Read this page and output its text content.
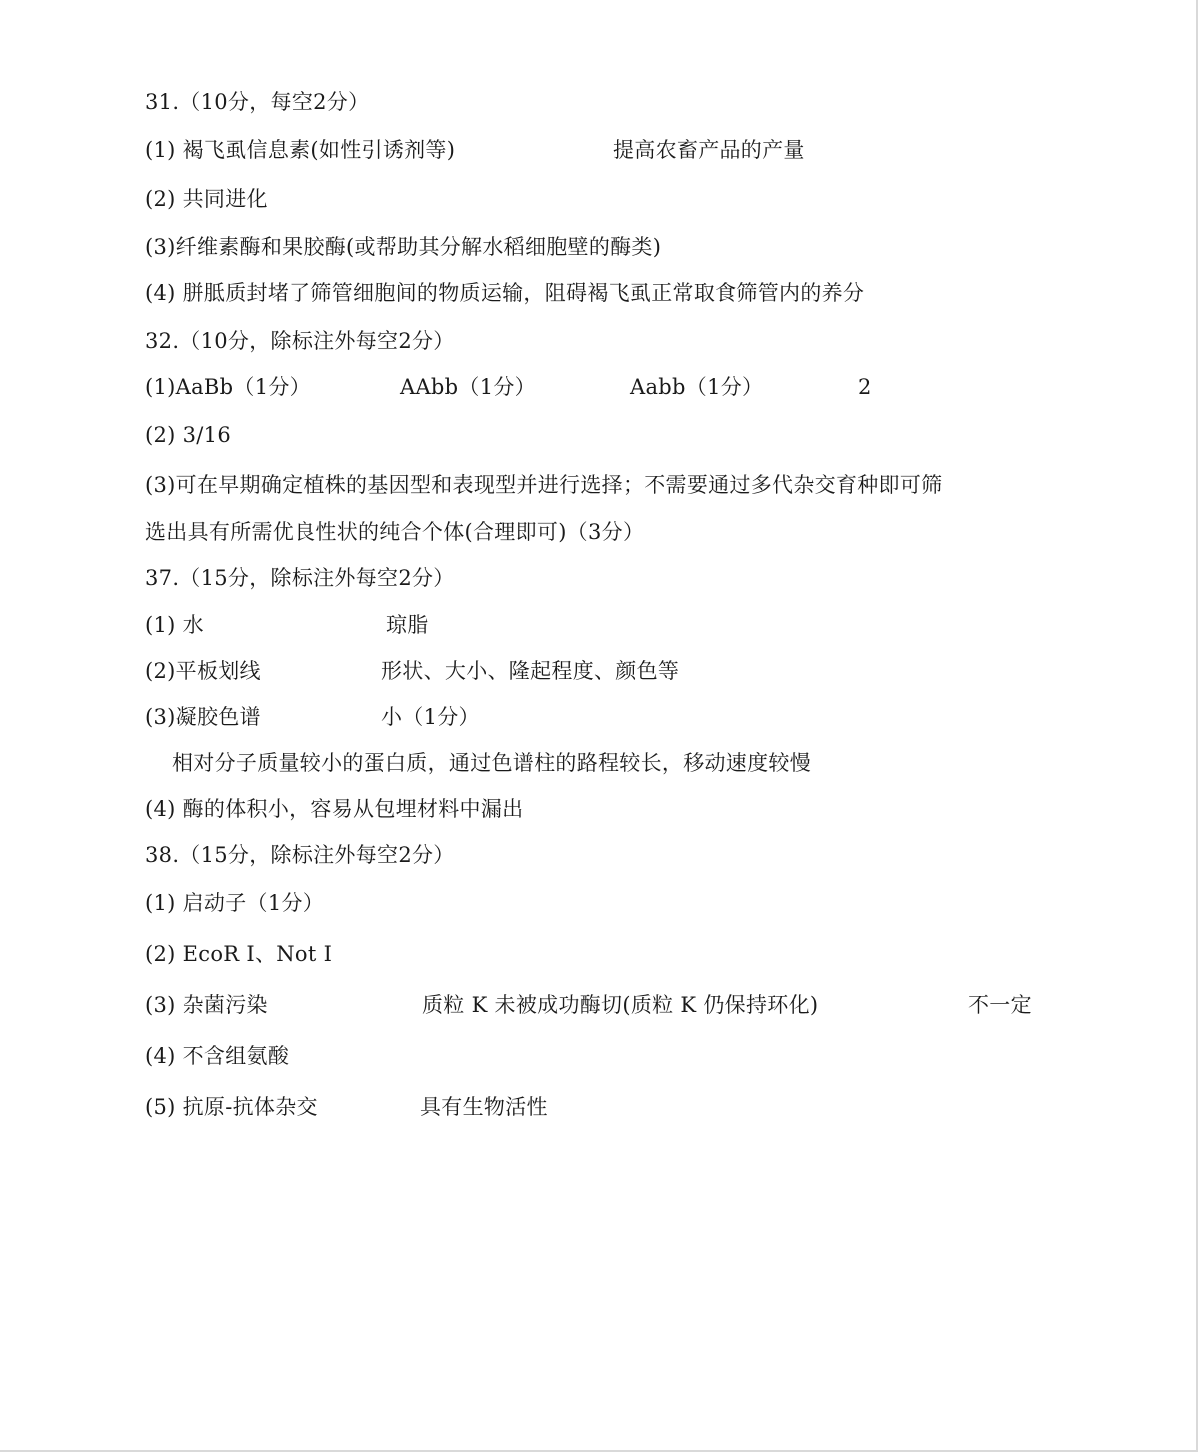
31.（10分，每空2分）
(1) 褐飞虱信息素(如性引诱剂等)	提高农畜产品的产量
(2) 共同进化
(3)纤维素酶和果胶酶(或帮助其分解水稻细胞壁的酶类)
(4) 胼胝质封堵了筛管细胞间的物质运输，阻碍褐飞虱正常取食筛管内的养分
32.（10分，除标注外每空2分）
(1)AaBb（1分）	AAbb（1分）	Aabb（1分）	2
(2) 3/16
(3)可在早期确定植株的基因型和表现型并进行选择；不需要通过多代杂交育种即可筛
选出具有所需优良性状的纯合个体(合理即可)（3分）
37.（15分，除标注外每空2分）
(1) 水	琼脂
(2)平板划线	形状、大小、隆起程度、颜色等
(3)凝胶色谱	小（1分）
相对分子质量较小的蛋白质，通过色谱柱的路程较长，移动速度较慢
(4) 酶的体积小，容易从包埋材料中漏出
38.（15分，除标注外每空2分）
(1) 启动子（1分）
(2) EcoR I、Not I
(3) 杂菌污染	质粒 K 未被成功酶切(质粒 K 仍保持环化)	不一定
(4) 不含组氨酸
(5) 抗原-抗体杂交	具有生物活性
